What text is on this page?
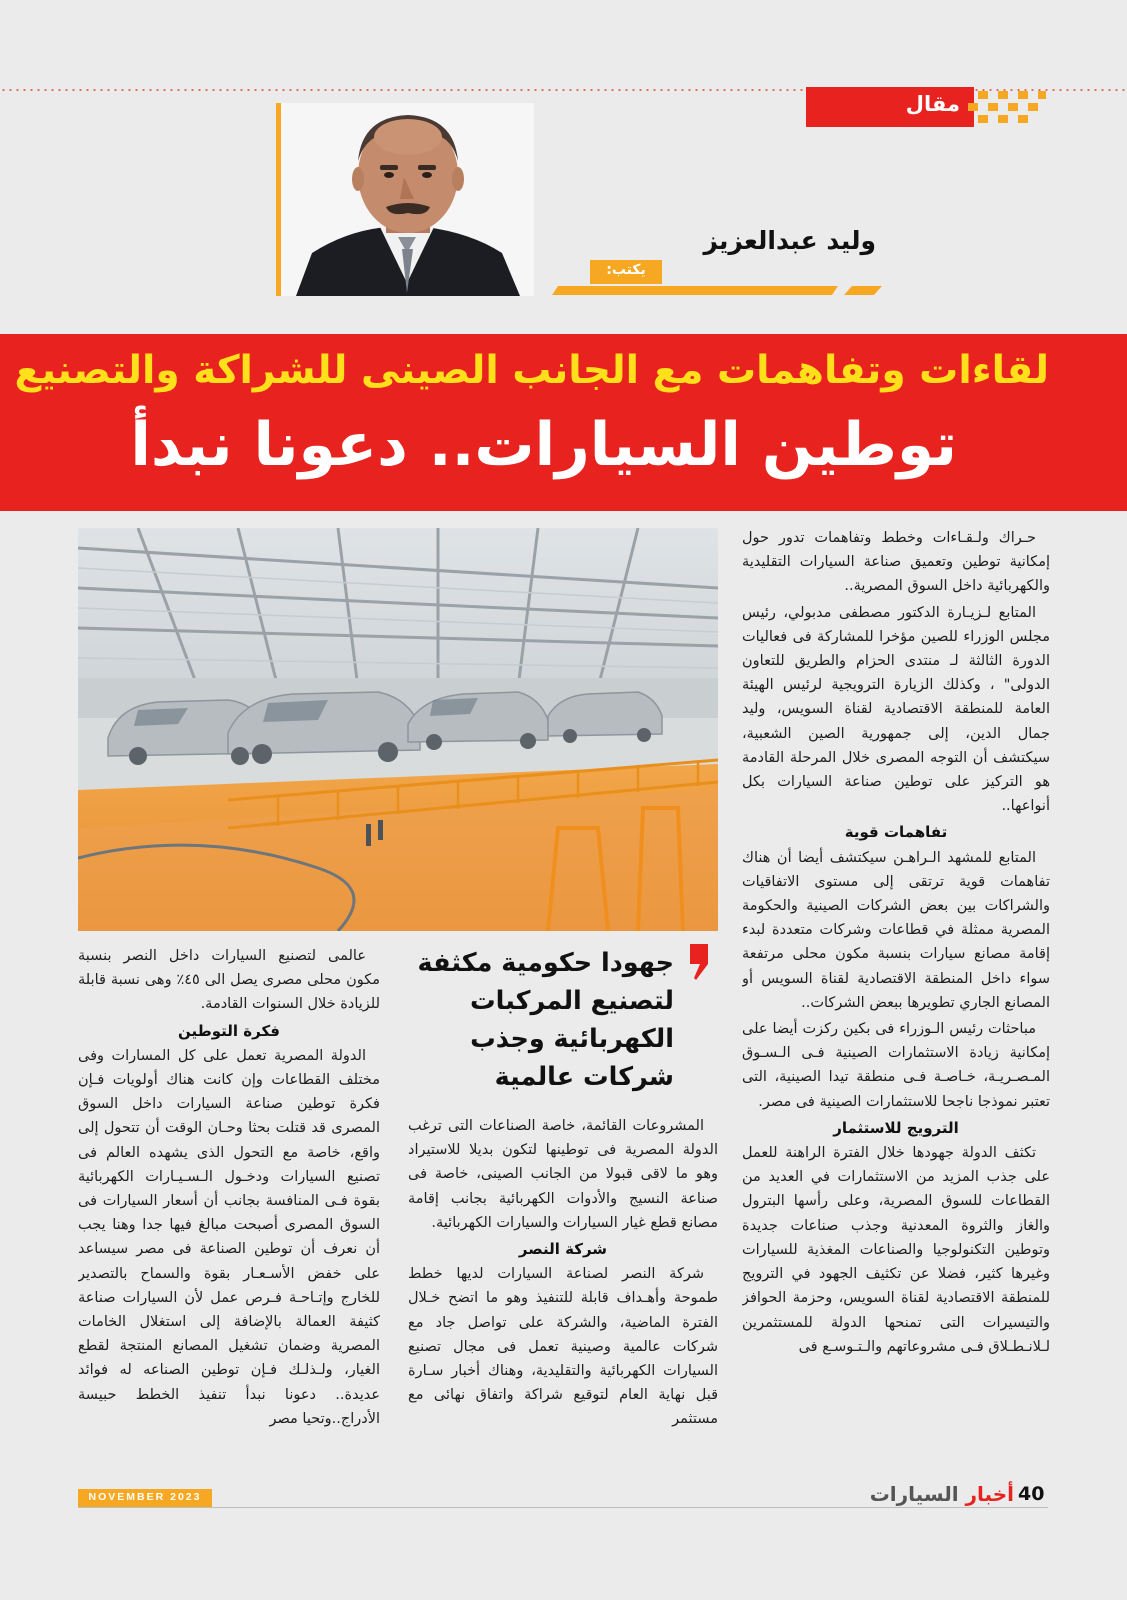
مقال
وليد عبدالعزيز
يكتب:
لقاءات وتفاهمات مع الجانب الصينى للشراكة والتصنيع
توطين السيارات.. دعونا نبدأ

حـراك ولـقـاءات وخطط وتفاهمات تدور حول إمكانية توطين وتعميق صناعة السيارات التقليدية والكهربائية داخل السوق المصرية..

المتابع لـزيـارة الدكتور مصطفى مدبولي، رئيس مجلس الوزراء للصين مؤخرا للمشاركة فى فعاليات الدورة الثالثة لـ منتدى الحزام والطريق للتعاون الدولى" ، وكذلك الزيارة الترويجية لرئيس الهيئة العامة للمنطقة الاقتصادية لقناة السويس، وليد جمال الدين، إلى جمهورية الصين الشعبية، سيكتشف أن التوجه المصرى خلال المرحلة القادمة هو التركيز على توطين صناعة السيارات بكل أنواعها..

تفاهمات قوية

المتابع للمشهد الـراهـن سيكتشف أيضا أن هناك تفاهمات قوية ترتقى إلى مستوى الاتفاقيات والشراكات بين بعض الشركات الصينية والحكومة المصرية ممثلة في قطاعات وشركات متعددة لبدء إقامة مصانع سيارات بنسبة مكون محلى مرتفعة سواء داخل المنطقة الاقتصادية لقناة السويس أو المصانع الجاري تطويرها ببعض الشركات..

مباحثات رئيس الـوزراء فى بكين ركزت أيضا على إمكانية زيادة الاستثمارات الصينية فـى الـسـوق المـصـريـة، خـاصـة فـى منطقة تيدا الصينية، التى تعتبر نموذجا ناجحا للاستثمارات الصينية فى مصر.

الترويج للاستثمار

تكثف الدولة جهودها خلال الفترة الراهنة للعمل على جذب المزيد من الاستثمارات في العديد من القطاعات للسوق المصرية، وعلى رأسها البترول والغاز والثروة المعدنية وجذب صناعات جديدة وتوطين التكنولوجيا والصناعات المغذية للسيارات وغيرها كثير، فضلا عن تكثيف الجهود في الترويج للمنطقة الاقتصادية لقناة السويس، وحزمة الحوافز والتيسيرات التى تمنحها الدولة للمستثمرين لـلانـطـلاق فـى مشروعاتهم والـتـوسـع فى

جهودا حكومية مكثفة لتصنيع المركبات الكهربائية وجذب شركات عالمية

المشروعات القائمة، خاصة الصناعات التى ترغب الدولة المصرية فى توطينها لتكون بديلا للاستيراد وهو ما لاقى قبولا من الجانب الصينى، خاصة فى صناعة النسيج والأدوات الكهربائية بجانب إقامة مصانع قطع غيار السيارات والسيارات الكهربائية.

شركة النصر

شركة النصر لصناعة السيارات لديها خطط طموحة وأهـداف قابلة للتنفيذ وهو ما اتضح خـلال الفترة الماضية، والشركة على تواصل جاد مع شركات عالمية وصينية تعمل فى مجال تصنيع السيارات الكهربائية والتقليدية، وهناك أخبار سـارة قبل نهاية العام لتوقيع شراكة واتفاق نهائى مع مستثمر

عالمى لتصنيع السيارات داخل النصر بنسبة مكون محلى مصرى يصل الى ٤٥٪ وهى نسبة قابلة للزيادة خلال السنوات القادمة.

فكرة التوطين

الدولة المصرية تعمل على كل المسارات وفى مختلف القطاعات وإن كانت هناك أولويات فـإن فكرة توطين صناعة السيارات داخل السوق المصرى قد قتلت بحثا وحـان الوقت أن تتحول إلى واقع، خاصة مع التحول الذى يشهده العالم فى تصنيع السيارات ودخـول الـسـيـارات الكهربائية بقوة فـى المنافسة بجانب أن أسعار السيارات فى السوق المصرى أصبحت مبالغ فيها جدا وهنا يجب أن نعرف أن توطين الصناعة فى مصر سيساعد على خفض الأسـعـار بقوة والسماح بالتصدير للخارج وإتـاحـة فـرص عمل لأن السيارات صناعة كثيفة العمالة بالإضافة إلى استغلال الخامات المصرية وضمان تشغيل المصانع المنتجة لقطع الغيار، ولـذلـك فـإن توطين الصناعه له فوائد عديدة.. دعونا نبدأ تنفيذ الخطط حبيسة الأدراج..وتحيا مصر

NOVEMBER 2023	40
أخبار السيارات
